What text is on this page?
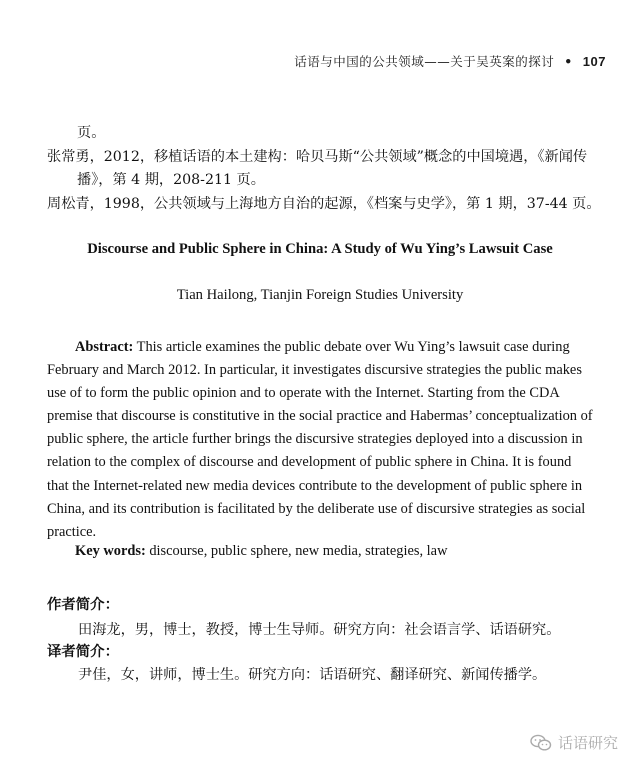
话语与中国的公共领域——关于吴英案的探讨 • 107
页。
张常勇，2012，移植话语的本土建构：哈贝马斯“公共领域”概念的中国境遇，《新闻传
播》，第 4 期，208-211 页。
周松青，1998，公共领域与上海地方自治的起源，《档案与史学》，第 1 期，37-44 页。
Discourse and Public Sphere in China: A Study of Wu Ying’s Lawsuit Case
Tian Hailong, Tianjin Foreign Studies University
Abstract: This article examines the public debate over Wu Ying’s lawsuit case during
February and March 2012. In particular, it investigates discursive strategies the public makes
use of to form the public opinion and to operate with the Internet. Starting from the CDA
premise that discourse is constitutive in the social practice and Habermas’ conceptualization of
public sphere, the article further brings the discursive strategies deployed into a discussion in
relation to the complex of discourse and development of public sphere in China. It is found
that the Internet-related new media devices contribute to the development of public sphere in
China, and its contribution is facilitated by the deliberate use of discursive strategies as social
practice.
Key words: discourse, public sphere, new media, strategies, law
作者简介：
田海龙，男，博士，教授，博士生导师。研究方向：社会语言学、话语研究。
译者简介：
尹佳，女，讲师，博士生。研究方向：话语研究、翻译研究、新闻传播学。
话语研究
